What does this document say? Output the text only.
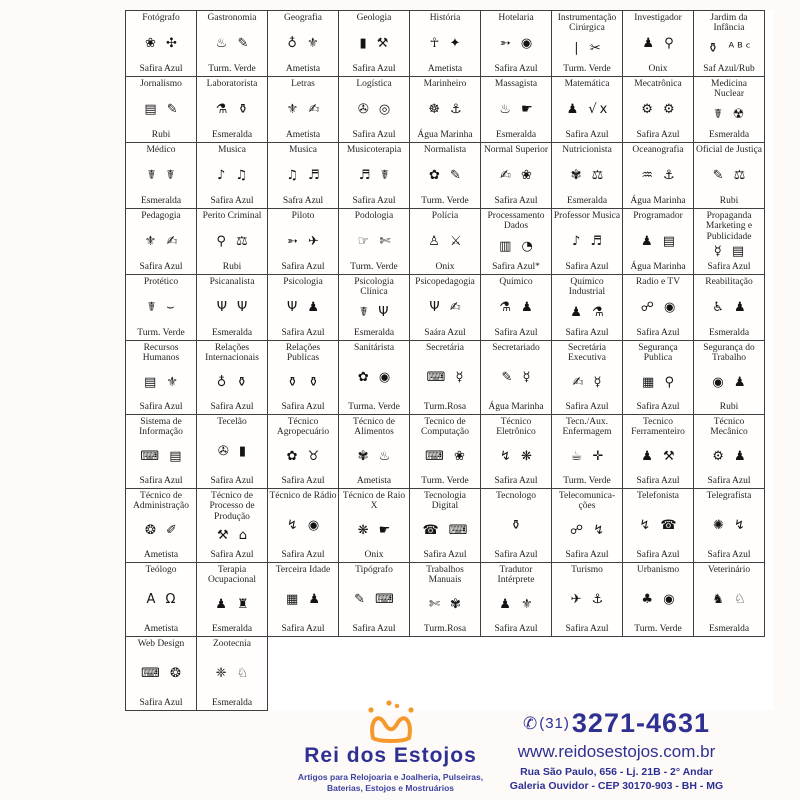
Fotógrafo
❀ ✣
Safira Azul
Gastronomia
♨ ✎
Turm. Verde
Geografia
♁ ⚜
Ametista
Geologia
▮ ⚒
Safira Azul
História
☥ ✦
Ametista
Hotelaria
➳ ◉
Safira Azul
Instrumentação Cirúrgica
∣ ✂
Turm. Verde
Investigador
♟ ⚲
Onix
Jardim da Infância
⚱ ᴬᴮᶜ
Saf Azul/Rub
Jornalismo
▤ ✎
Rubi
Laboratorista
⚗ ⚱
Esmeralda
Letras
⚜ ✍
Ametista
Logística
✇ ◎
Safira Azul
Marinheiro
☸ ⚓
Água Marinha
Massagista
♨ ☛
Esmeralda
Matemática
♟ √x
Safira Azul
Mecatrônica
⚙ ⚙
Safira Azul
Medicina Nuclear
☤ ☢
Esmeralda
Médico
☤ ☤
Esmeralda
Musica
♪ ♫
Safira Azul
Musica
♫ ♬
Safra Azul
Musicoterapia
♬ ☤
Safira Azul
Normalista
✿ ✎
Turm. Verde
Normal Superior
✍ ❀
Safira Azul
Nutricionista
✾ ⚖
Esmeralda
Oceanografia
♒ ⚓
Água Marinha
Oficial de Justiça
✎ ⚖
Rubi
Pedagogia
⚜ ✍
Safira Azul
Perito Criminal
⚲ ⚖
Rubi
Piloto
➳ ✈
Safira Azul
Podologia
☞ ✄
Turm. Verde
Polícia
♙ ⚔
Onix
Processamento Dados
▥ ◔
Safira Azul*
Professor Musica
♪ ♬
Safira Azul
Programador
♟ ▤
Água Marinha
Propaganda Marketing e Publicidade
☿ ▤
Safira Azul
Protético
☤ ⌣
Turm. Verde
Psicanalista
Ψ Ψ
Esmeralda
Psicologia
Ψ ♟
Safira Azul
Psicologia Clínica
☤ Ψ
Esmeralda
Psicopedagogia
Ψ ✍
Saára Azul
Químico
⚗ ♟
Safira Azul
Químico Industrial
♟ ⚗
Safira Azul
Radio e TV
☍ ◉
Safira Azul
Reabilitação
♿ ♟
Esmeralda
Recursos Humanos
▤ ⚜
Safira Azul
Relações Internacionais
♁ ⚱
Safira Azul
Relações Publicas
⚱ ⚱
Safira Azul
Sanitárista
✿ ◉
Turma. Verde
Secretária
⌨ ☿
Turm.Rosa
Secretariado
✎ ☿
Água Marinha
Secretária Executiva
✍ ☿
Safira Azul
Segurança Publica
▦ ⚲
Safira Azul
Segurança do Trabalho
◉ ♟
Rubi
Sistema de Informação
⌨ ▤
Safira Azul
Tecelão
✇ ▮
Safira Azul
Técnico Agropecuário
✿ ♉
Safira Azul
Técnico de Alimentos
✾ ♨
Ametista
Tecnico de Computação
⌨ ❀
Turm. Verde
Técnico Eletrônico
↯ ❋
Safira Azul
Tecn./Aux. Enfermagem
☕ ✛
Turm. Verde
Tecnico Ferramenteiro
♟ ⚒
Safira Azul
Técnico Mecânico
⚙ ♟
Safira Azul
Técnico de Administração
❂ ✐
Ametista
Técnico de Processo de Produção
⚒ ⌂
Safira Azul
Técnico de Rádio
↯ ◉
Safira Azul
Técnico de Raio X
❋ ☛
Onix
Tecnologia Digital
☎ ⌨
Safira Azul
Tecnologo
⚱
Safira Azul
Telecomunica-ções
☍ ↯
Safira Azul
Telefonista
↯ ☎
Safira Azul
Telegrafista
✺ ↯
Safira Azul
Teólogo
Α Ω
Ametista
Terapia Ocupacional
♟ ♜
Esmeralda
Terceira Idade
▦ ♟
Safira Azul
Tipógrafo
✎ ⌨
Safira Azul
Trabalhos Manuais
✄ ✾
Turm.Rosa
Tradutor Intérprete
♟ ⚜
Safira Azul
Turismo
✈ ⚓
Safira Azul
Urbanismo
♣ ◉
Turm. Verde
Veterinário
♞ ♘
Esmeralda
Web Design
⌨ ❂
Safira Azul
Zootecnia
❈ ♘
Esmeralda
Rei dos Estojos
Artigos para Relojoaria e Joalheria, Pulseiras,
Baterias, Estojos e Mostruários
✆ (31) 3271-4631
www.reidosestojos.com.br
Rua São Paulo, 656 - Lj. 21B - 2° Andar
Galeria Ouvidor - CEP 30170-903 - BH - MG
